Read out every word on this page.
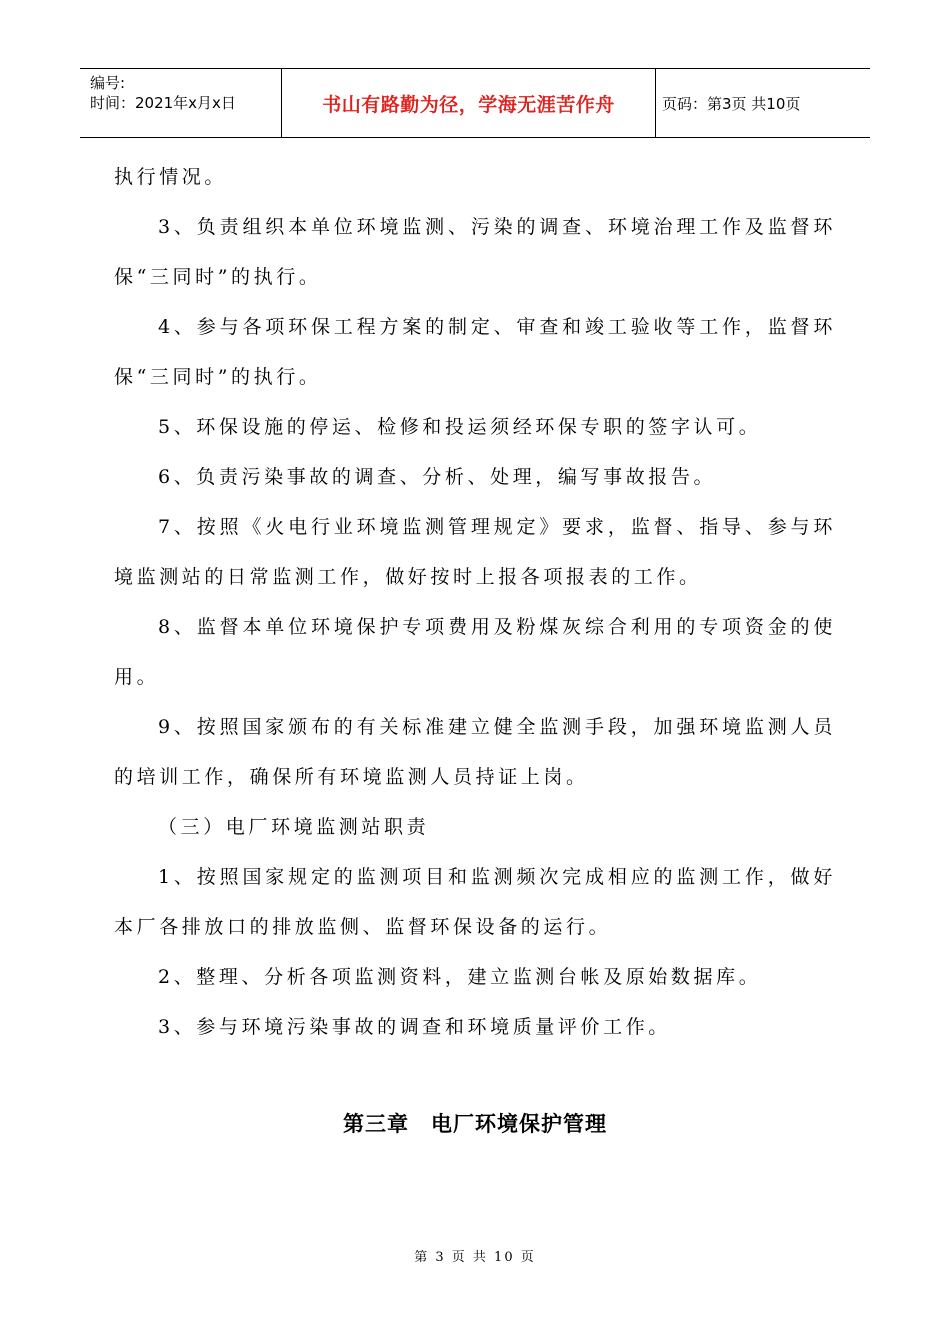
编号:
时间：2021年x月x日	书山有路勤为径，学海无涯苦作舟	页码：第3页 共10页

执行情况。

3、负责组织本单位环境监测、污染的调查、环境治理工作及监督环保“三同时”的执行。

4、参与各项环保工程方案的制定、审查和竣工验收等工作，监督环保“三同时”的执行。

5、环保设施的停运、检修和投运须经环保专职的签字认可。

6、负责污染事故的调查、分析、处理，编写事故报告。

7、按照《火电行业环境监测管理规定》要求，监督、指导、参与环境监测站的日常监测工作，做好按时上报各项报表的工作。

8、监督本单位环境保护专项费用及粉煤灰综合利用的专项资金的使用。

9、按照国家颁布的有关标准建立健全监测手段，加强环境监测人员的培训工作，确保所有环境监测人员持证上岗。

（三）电厂环境监测站职责

1、按照国家规定的监测项目和监测频次完成相应的监测工作，做好本厂各排放口的排放监侧、监督环保设备的运行。

2、整理、分析各项监测资料，建立监测台帐及原始数据库。

3、参与环境污染事故的调查和环境质量评价工作。

第三章　电厂环境保护管理
第 3 页 共 10 页
